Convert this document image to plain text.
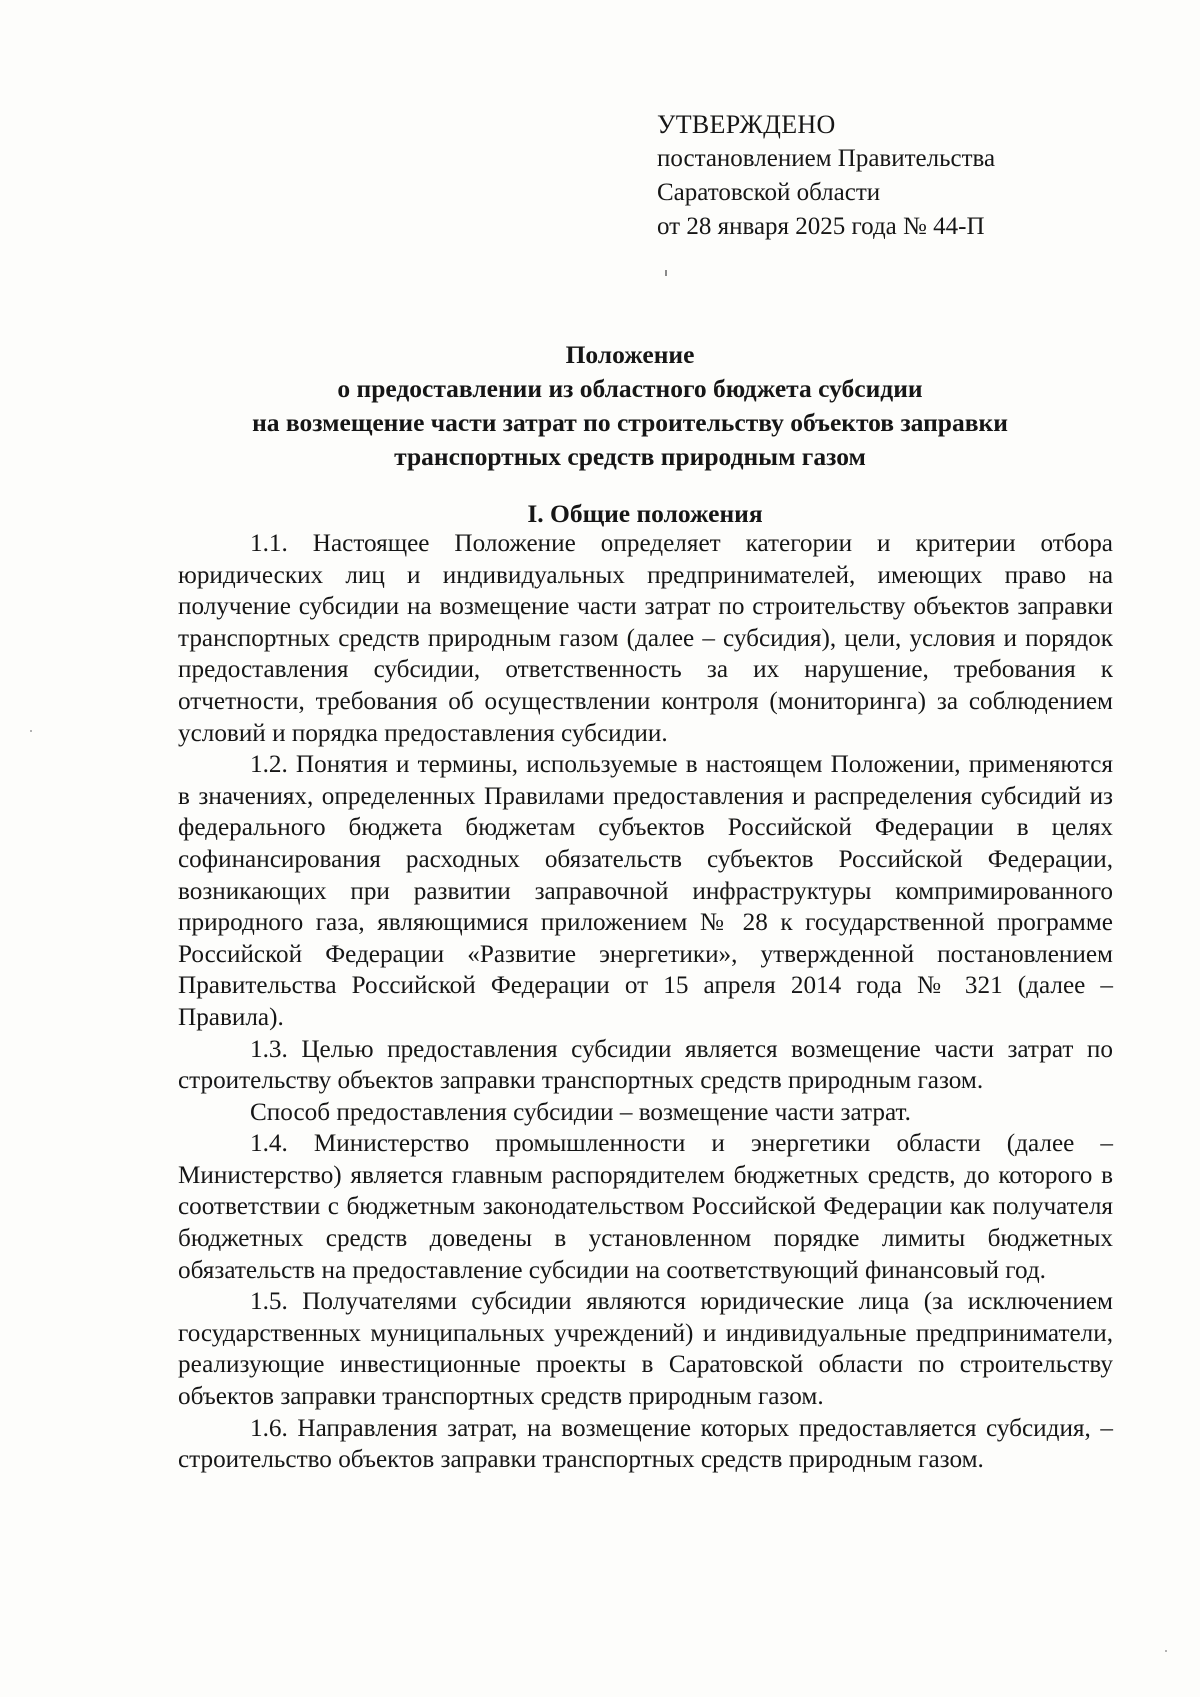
УТВЕРЖДЕНО
постановлением Правительства
Саратовской области
от 28 января 2025 года № 44-П
Положение
о предоставлении из областного бюджета субсидии
на возмещение части затрат по строительству объектов заправки
транспортных средств природным газом
I. Общие положения

1.1. Настоящее Положение определяет категории и критерии отбора юридических лиц и индивидуальных предпринимателей, имеющих право на получение субсидии на возмещение части затрат по строительству объектов заправки транспортных средств природным газом (далее – субсидия), цели, условия и порядок предоставления субсидии, ответственность за их нарушение, требования к отчетности, требования об осуществлении контроля (мониторинга) за соблюдением условий и порядка предоставления субсидии.

1.2. Понятия и термины, используемые в настоящем Положении, применяются в значениях, определенных Правилами предоставления и распределения субсидий из федерального бюджета бюджетам субъектов Российской Федерации в целях софинансирования расходных обязательств субъектов Российской Федерации, возникающих при развитии заправочной инфраструктуры компримированного природного газа, являющимися приложением № 28 к государственной программе Российской Федерации «Развитие энергетики», утвержденной постановлением Правительства Российской Федерации от 15 апреля 2014 года № 321 (далее – Правила).

1.3. Целью предоставления субсидии является возмещение части затрат по строительству объектов заправки транспортных средств природным газом.

Способ предоставления субсидии – возмещение части затрат.

1.4. Министерство промышленности и энергетики области (далее – Министерство) является главным распорядителем бюджетных средств, до которого в соответствии с бюджетным законодательством Российской Федерации как получателя бюджетных средств доведены в установленном порядке лимиты бюджетных обязательств на предоставление субсидии на соответствующий финансовый год.

1.5. Получателями субсидии являются юридические лица (за исключением государственных муниципальных учреждений) и индивидуальные предприниматели, реализующие инвестиционные проекты в Саратовской области по строительству объектов заправки транспортных средств природным газом.

1.6. Направления затрат, на возмещение которых предоставляется субсидия, – строительство объектов заправки транспортных средств природным газом.
